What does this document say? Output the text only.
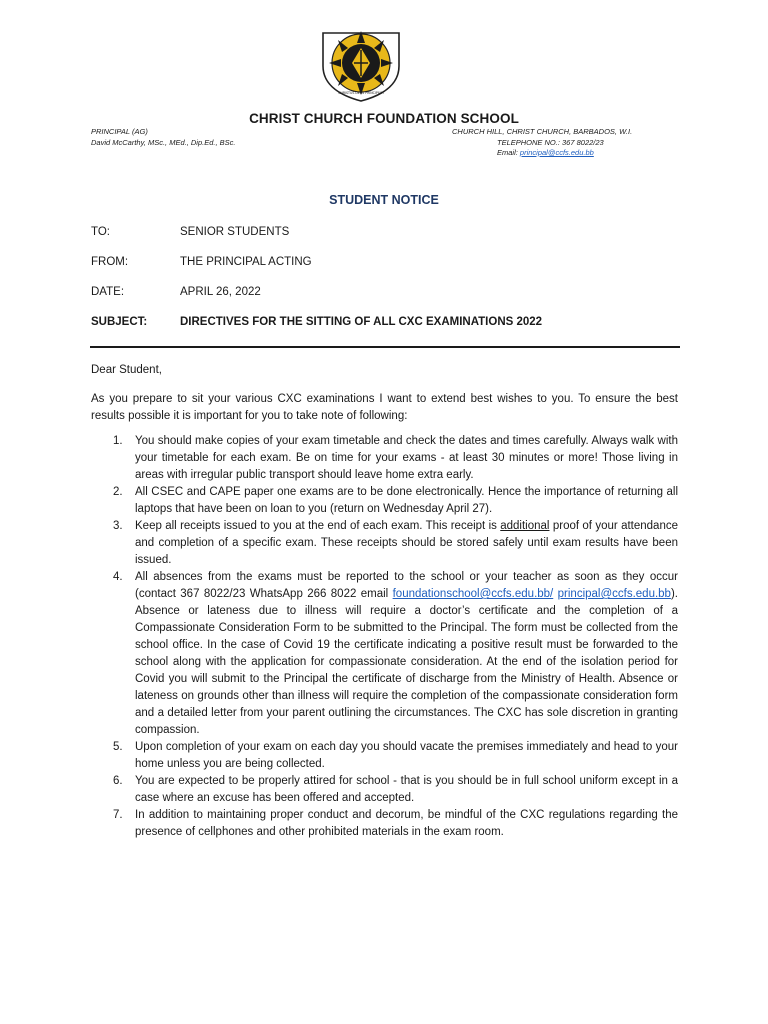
CHRISTUS DEUS PRINCIPIUM
CHRIST CHURCH FOUNDATION SCHOOL
PRINCIPAL (AG)
David McCarthy, MSc., MEd., Dip.Ed., BSc.
CHURCH HILL, CHRIST CHURCH, BARBADOS, W.I.
TELEPHONE NO.: 367 8022/23
Email: principal@ccfs.edu.bb
STUDENT NOTICE
TO:	SENIOR STUDENTS
FROM:	THE PRINCIPAL ACTING
DATE:	APRIL 26, 2022
SUBJECT:	DIRECTIVES FOR THE SITTING OF ALL CXC EXAMINATIONS 2022
Dear Student,
As you prepare to sit your various CXC examinations I want to extend best wishes to you. To ensure the best results possible it is important for you to take note of following:
1. You should make copies of your exam timetable and check the dates and times carefully. Always walk with your timetable for each exam. Be on time for your exams - at least 30 minutes or more! Those living in areas with irregular public transport should leave home extra early.
2. All CSEC and CAPE paper one exams are to be done electronically. Hence the importance of returning all laptops that have been on loan to you (return on Wednesday April 27).
3. Keep all receipts issued to you at the end of each exam. This receipt is additional proof of your attendance and completion of a specific exam. These receipts should be stored safely until exam results have been issued.
4. All absences from the exams must be reported to the school or your teacher as soon as they occur (contact 367 8022/23 WhatsApp 266 8022 email foundationschool@ccfs.edu.bb/ principal@ccfs.edu.bb). Absence or lateness due to illness will require a doctor’s certificate and the completion of a Compassionate Consideration Form to be submitted to the Principal. The form must be collected from the school office. In the case of Covid 19 the certificate indicating a positive result must be forwarded to the school along with the application for compassionate consideration. At the end of the isolation period for Covid you will submit to the Principal the certificate of discharge from the Ministry of Health. Absence or lateness on grounds other than illness will require the completion of the compassionate consideration form and a detailed letter from your parent outlining the circumstances. The CXC has sole discretion in granting compassion.
5. Upon completion of your exam on each day you should vacate the premises immediately and head to your home unless you are being collected.
6. You are expected to be properly attired for school - that is you should be in full school uniform except in a case where an excuse has been offered and accepted.
7. In addition to maintaining proper conduct and decorum, be mindful of the CXC regulations regarding the presence of cellphones and other prohibited materials in the exam room.
